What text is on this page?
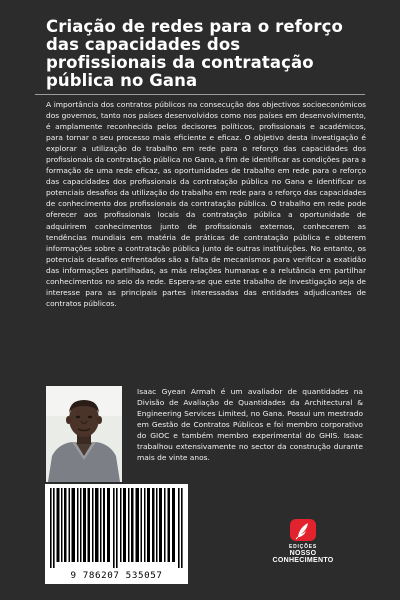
Criação de redes para o reforço das capacidades dos profissionais da contratação pública no Gana

A importância dos contratos públicos na consecução dos objectivos socioeconómicos dos governos, tanto nos países desenvolvidos como nos países em desenvolvimento, é amplamente reconhecida pelos decisores políticos, profissionais e académicos, para tornar o seu processo mais eficiente e eficaz. O objetivo desta investigação é explorar a utilização do trabalho em rede para o reforço das capacidades dos profissionais da contratação pública no Gana, a fim de identificar as condições para a formação de uma rede eficaz, as oportunidades de trabalho em rede para o reforço das capacidades dos profissionais da contratação pública no Gana e identificar os potenciais desafios da utilização do trabalho em rede para o reforço das capacidades de conhecimento dos profissionais da contratação pública. O trabalho em rede pode oferecer aos profissionais locais da contratação pública a oportunidade de adquirirem conhecimentos junto de profissionais externos, conhecerem as tendências mundiais em matéria de práticas de contratação pública e obterem informações sobre a contratação pública junto de outras instituições. No entanto, os potenciais desafios enfrentados são a falta de mecanismos para verificar a exatidão das informações partilhadas, as más relações humanas e a relutância em partilhar conhecimentos no seio da rede. Espera-se que este trabalho de investigação seja de interesse para as principais partes interessadas das entidades adjudicantes de contratos públicos.

Isaac Gyean Armah é um avaliador de quantidades na Divisão de Avaliação de Quantidades da Architectural & Engineering Services Limited, no Gana. Possui um mestrado em Gestão de Contratos Públicos e foi membro corporativo do GIOC e também membro experimental do GHIS. Isaac trabalhou extensivamente no sector da construção durante mais de vinte anos.

9 786207 535057
EDIÇÕES
NOSSO CONHECIMENTO
